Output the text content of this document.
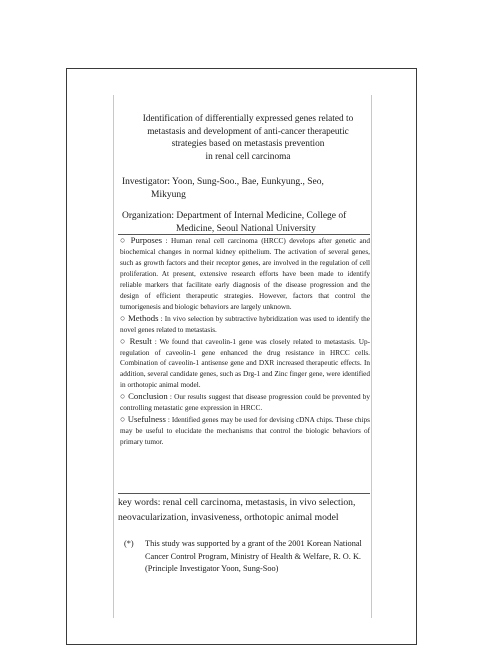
Identification of differentially expressed genes related to
metastasis and development of anti-cancer therapeutic
strategies based on metastasis prevention
in renal cell carcinoma
Investigator: Yoon, Sung-Soo., Bae, Eunkyung., Seo,
Mikyung
Organization: Department of Internal Medicine, College of
Medicine, Seoul National University

○ Purposes : Human renal cell carcinoma (HRCC) develops after genetic and biochemical changes in normal kidney epithelium. The activation of several genes, such as growth factors and their receptor genes, are involved in the regulation of cell proliferation. At present, extensive research efforts have been made to identify reliable markers that facilitate early diagnosis of the disease progression and the design of efficient therapeutic strategies. However, factors that control the tumorigenesis and biologic behaviors are largely unknown.

○ Methods : In vivo selection by subtractive hybridization was used to identify the novel genes related to metastasis.

○ Result : We found that caveolin-1 gene was closely related to metastasis. Up-regulation of caveolin-1 gene enhanced the drug resistance in HRCC cells. Combination of caveolin-1 antisense gene and DXR increased therapeutic effects. In addition, several candidate genes, such as Drg-1 and Zinc finger gene, were identified in orthotopic animal model.

○ Conclusion : Our results suggest that disease progression could be prevented by controlling metastatic gene expression in HRCC.

○ Usefulness : Identified genes may be used for devising cDNA chips. These chips may be useful to elucidate the mechanisms that control the biologic behaviors of primary tumor.

key words: renal cell carcinoma, metastasis, in vivo selection,
neovacularization, invasiveness, orthotopic animal model
(*)	This study was supported by a grant of the 2001 Korean National Cancer Control Program, Ministry of Health & Welfare, R. O. K.(Principle Investigator Yoon, Sung-Soo)
